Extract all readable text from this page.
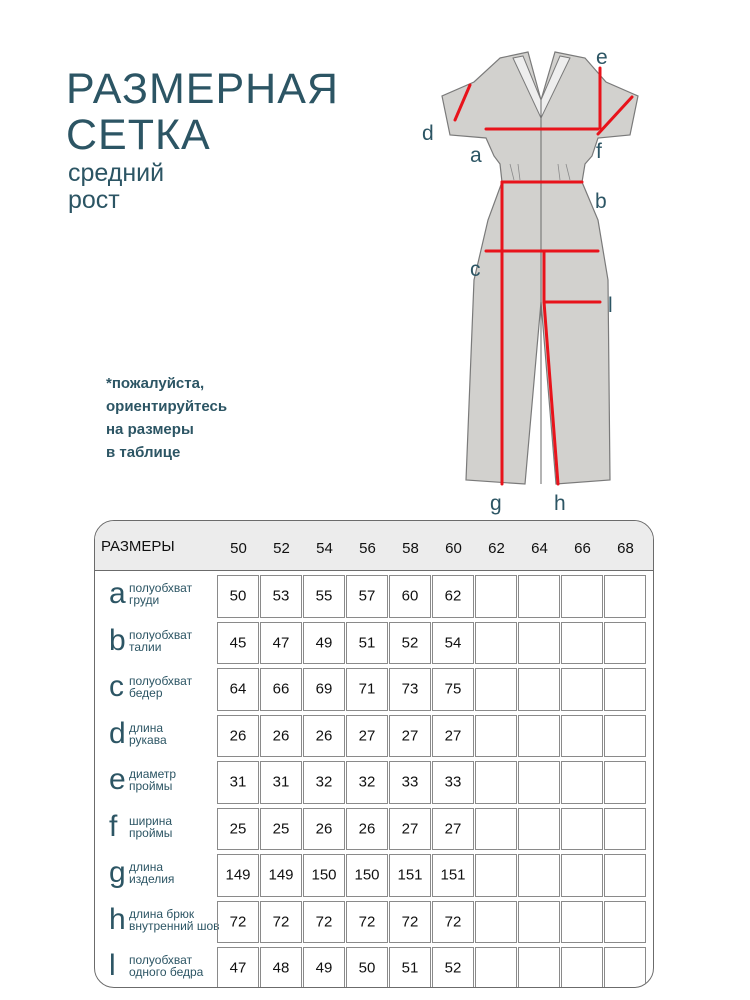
РАЗМЕРНАЯ
СЕТКА
средний
рост
*пожалуйста,
ориентируйтесь
на размеры
в таблице
a
b
c
d
e
f
g h
l
РАЗМЕРЫ	50	52	54	56	58	60	62	64	66	68
a полуобхват
груди	50	53	55	57	60	62
b полуобхват
талии	45	47	49	51	52	54
c полуобхват
бедер	64	66	69	71	73	75
d длина
рукава	26	26	26	27	27	27
e диаметр
проймы	31	31	32	32	33	33
f ширина
проймы	25	25	26	26	27	27
g длина
изделия	149	149	150	150	151	151
h длина брюк
внутренний шов 72	72	72	72	72	72
l полуобхват
одного бедра	47	48	49	50	51	52
